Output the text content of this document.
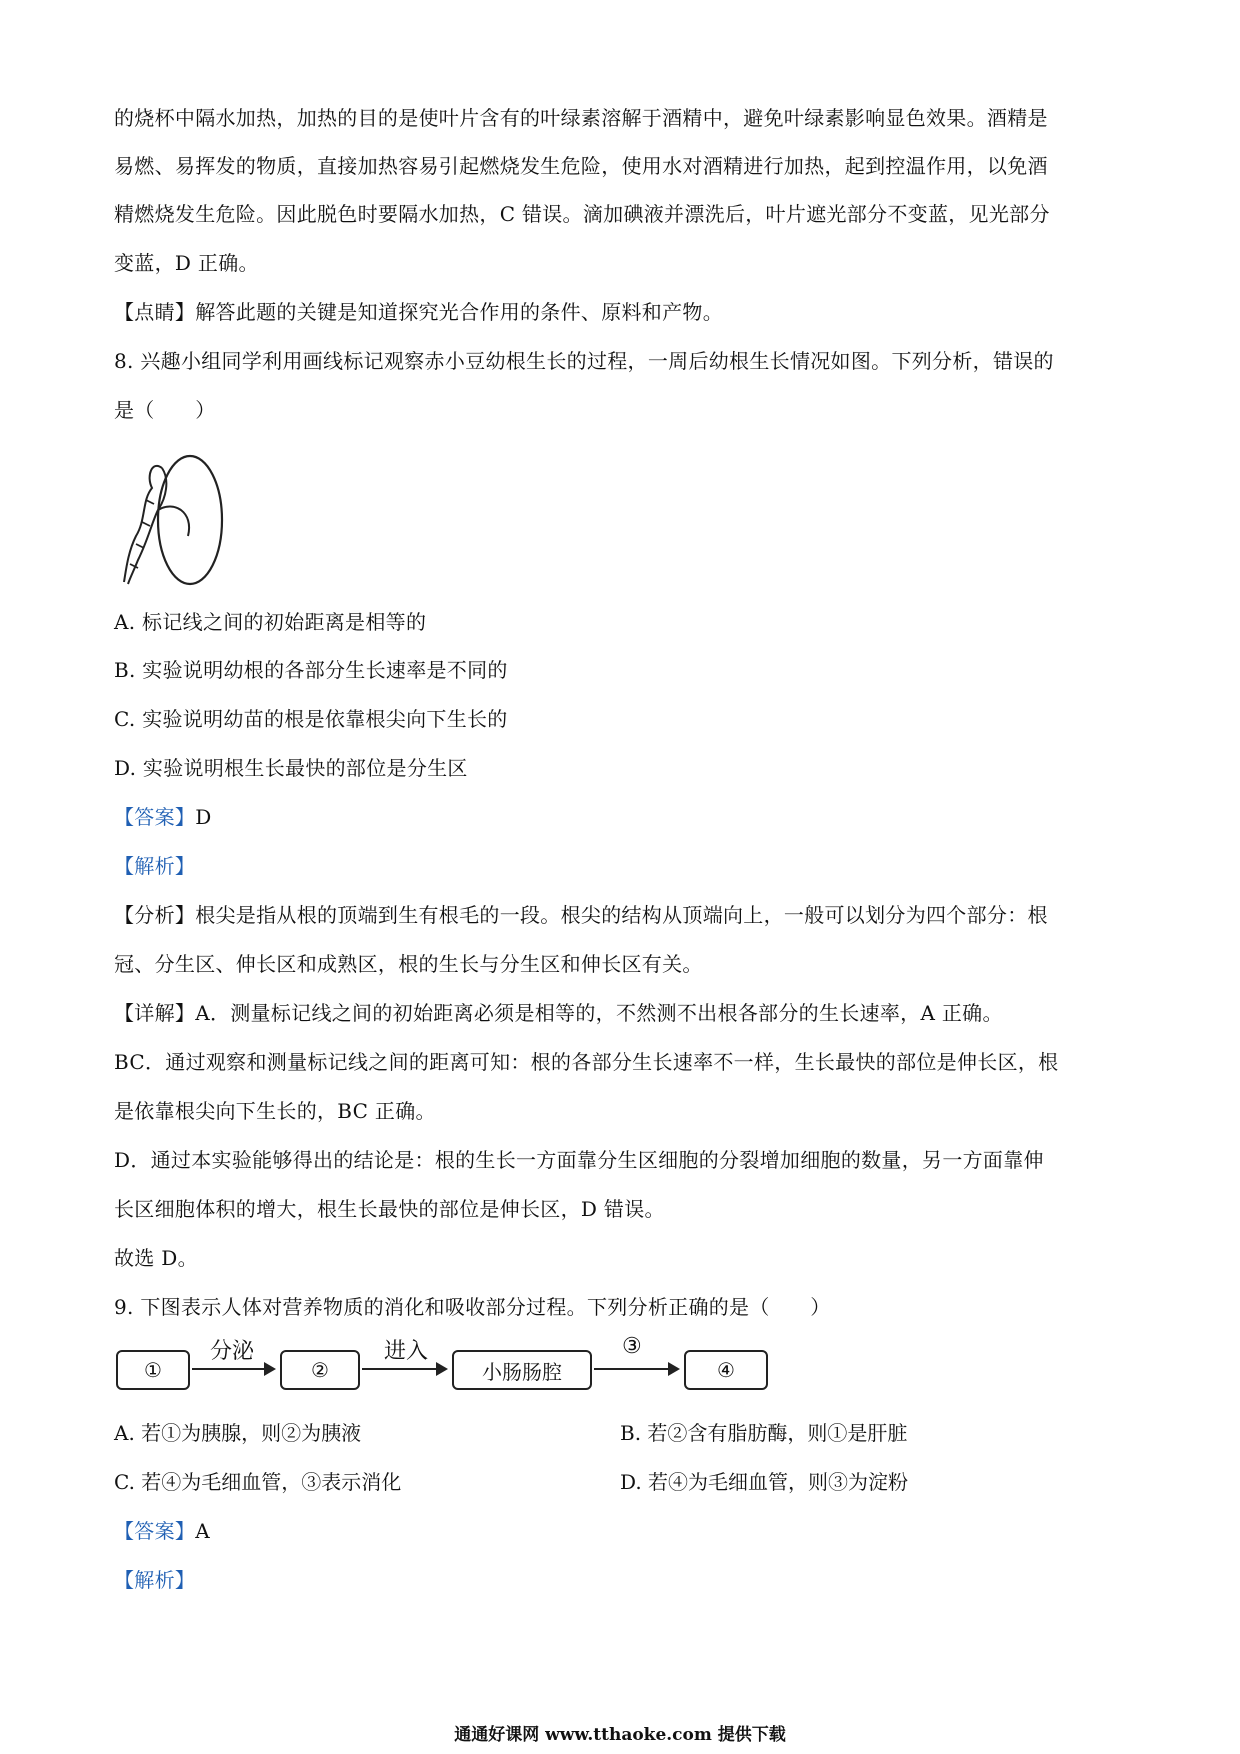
的烧杯中隔水加热，加热的目的是使叶片含有的叶绿素溶解于酒精中，避免叶绿素影响显色效果。酒精是
易燃、易挥发的物质，直接加热容易引起燃烧发生危险，使用水对酒精进行加热，起到控温作用，以免酒
精燃烧发生危险。因此脱色时要隔水加热，C 错误。滴加碘液并漂洗后，叶片遮光部分不变蓝，见光部分
变蓝，D 正确。
【点睛】解答此题的关键是知道探究光合作用的条件、原料和产物。
8. 兴趣小组同学利用画线标记观察赤小豆幼根生长的过程，一周后幼根生长情况如图。下列分析，错误的
是（　　）
A. 标记线之间的初始距离是相等的
B. 实验说明幼根的各部分生长速率是不同的
C. 实验说明幼苗的根是依靠根尖向下生长的
D. 实验说明根生长最快的部位是分生区
【答案】D
【解析】
【分析】根尖是指从根的顶端到生有根毛的一段。根尖的结构从顶端向上，一般可以划分为四个部分：根
冠、分生区、伸长区和成熟区，根的生长与分生区和伸长区有关。
【详解】A．测量标记线之间的初始距离必须是相等的，不然测不出根各部分的生长速率，A 正确。
BC．通过观察和测量标记线之间的距离可知：根的各部分生长速率不一样，生长最快的部位是伸长区，根
是依靠根尖向下生长的，BC 正确。
D．通过本实验能够得出的结论是：根的生长一方面靠分生区细胞的分裂增加细胞的数量，另一方面靠伸
长区细胞体积的增大，根生长最快的部位是伸长区，D 错误。
故选 D。
9. 下图表示人体对营养物质的消化和吸收部分过程。下列分析正确的是（　　）
①
分泌
②
进入
小肠肠腔
③
④
A. 若①为胰腺，则②为胰液	B. 若②含有脂肪酶，则①是肝脏
C. 若④为毛细血管，③表示消化	D. 若④为毛细血管，则③为淀粉
【答案】A
【解析】
通通好课网 www.tthaoke.com 提供下载
